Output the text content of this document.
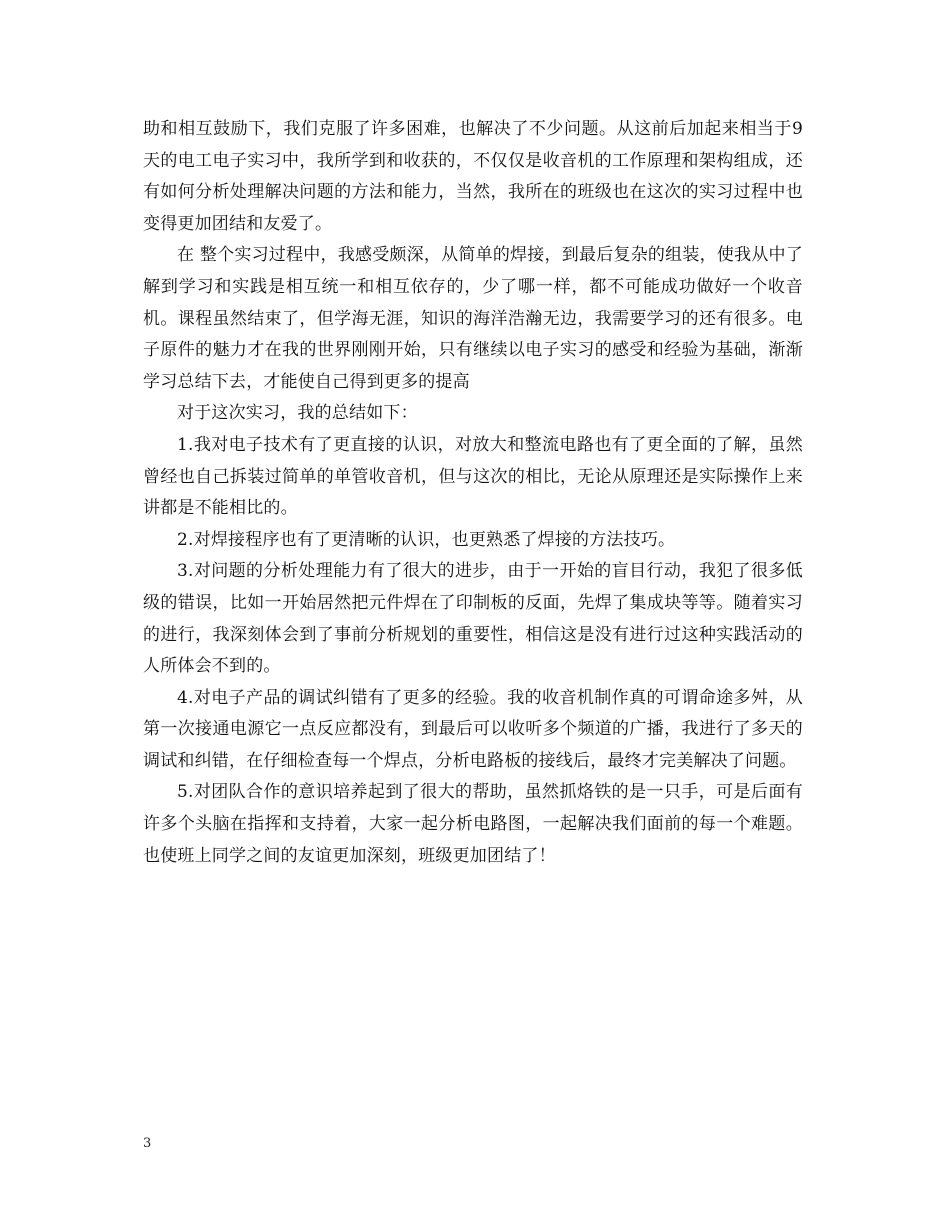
助和相互鼓励下，我们克服了许多困难，也解决了不少问题。从这前后加起来相当于9天的电工电子实习中，我所学到和收获的，不仅仅是收音机的工作原理和架构组成，还有如何分析处理解决问题的方法和能力，当然，我所在的班级也在这次的实习过程中也变得更加团结和友爱了。

在 整个实习过程中，我感受颇深，从简单的焊接，到最后复杂的组装，使我从中了解到学习和实践是相互统一和相互依存的，少了哪一样，都不可能成功做好一个收音机。课程虽然结束了，但学海无涯，知识的海洋浩瀚无边，我需要学习的还有很多。电子原件的魅力才在我的世界刚刚开始，只有继续以电子实习的感受和经验为基础，渐渐学习总结下去，才能使自己得到更多的提高

对于这次实习，我的总结如下：

1.我对电子技术有了更直接的认识，对放大和整流电路也有了更全面的了解，虽然曾经也自己拆装过简单的单管收音机，但与这次的相比，无论从原理还是实际操作上来讲都是不能相比的。

2.对焊接程序也有了更清晰的认识，也更熟悉了焊接的方法技巧。

3.对问题的分析处理能力有了很大的进步，由于一开始的盲目行动，我犯了很多低级的错误，比如一开始居然把元件焊在了印制板的反面，先焊了集成块等等。随着实习的进行，我深刻体会到了事前分析规划的重要性，相信这是没有进行过这种实践活动的人所体会不到的。

4.对电子产品的调试纠错有了更多的经验。我的收音机制作真的可谓命途多舛，从第一次接通电源它一点反应都没有，到最后可以收听多个频道的广播，我进行了多天的调试和纠错，在仔细检查每一个焊点，分析电路板的接线后，最终才完美解决了问题。

5.对团队合作的意识培养起到了很大的帮助，虽然抓烙铁的是一只手，可是后面有许多个头脑在指挥和支持着，大家一起分析电路图，一起解决我们面前的每一个难题。也使班上同学之间的友谊更加深刻，班级更加团结了！

3
